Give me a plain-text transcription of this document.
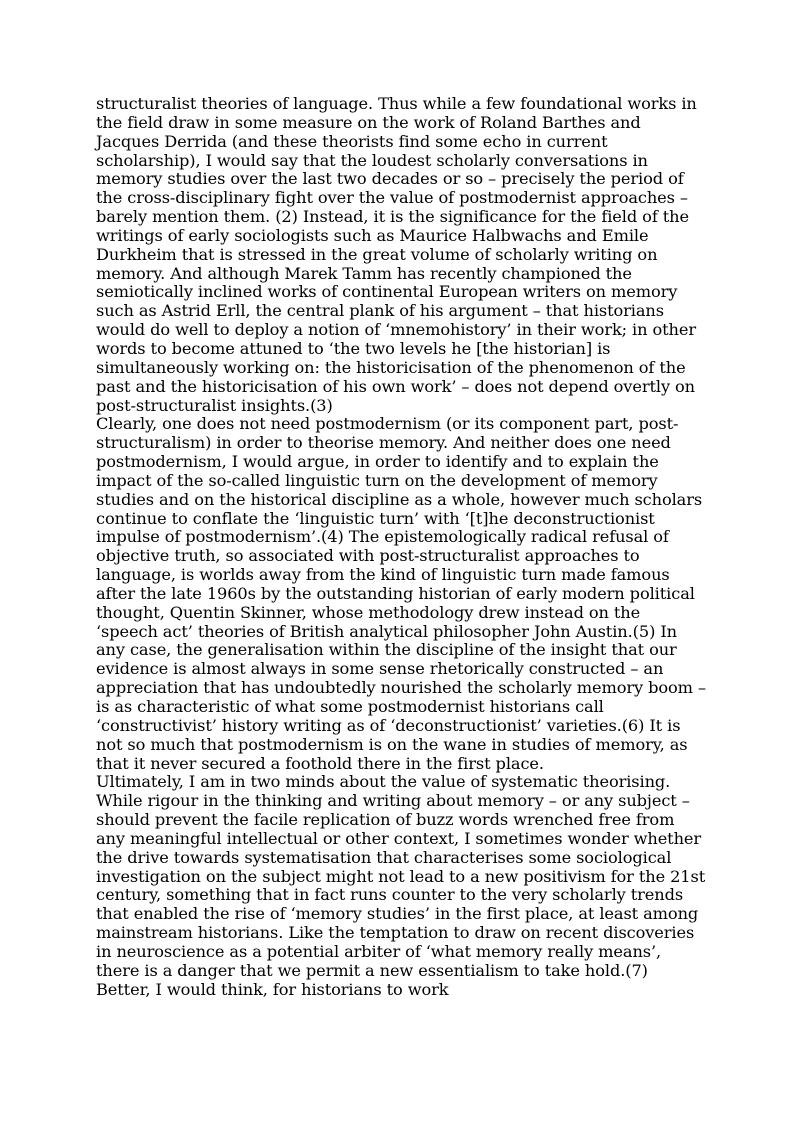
structuralist theories of language. Thus while a few foundational works in the field draw in some measure on the work of Roland Barthes and Jacques Derrida (and these theorists find some echo in current scholarship), I would say that the loudest scholarly conversations in memory studies over the last two decades or so – precisely the period of the cross-disciplinary fight over the value of postmodernist approaches – barely mention them. (2) Instead, it is the significance for the field of the writings of early sociologists such as Maurice Halbwachs and Emile Durkheim that is stressed in the great volume of scholarly writing on memory. And although Marek Tamm has recently championed the semiotically inclined works of continental European writers on memory such as Astrid Erll, the central plank of his argument – that historians would do well to deploy a notion of ‘mnemohistory’ in their work; in other words to become attuned to ‘the two levels he [the historian] is simultaneously working on: the historicisation of the phenomenon of the past and the historicisation of his own work’ – does not depend overtly on post-structuralist insights.(3)

Clearly, one does not need postmodernism (or its component part, post-structuralism) in order to theorise memory. And neither does one need postmodernism, I would argue, in order to identify and to explain the impact of the so-called linguistic turn on the development of memory studies and on the historical discipline as a whole, however much scholars continue to conflate the ‘linguistic turn’ with ‘[t]he deconstructionist impulse of postmodernism’.(4) The epistemologically radical refusal of objective truth, so associated with post-structuralist approaches to language, is worlds away from the kind of linguistic turn made famous after the late 1960s by the outstanding historian of early modern political thought, Quentin Skinner, whose methodology drew instead on the ‘speech act’ theories of British analytical philosopher John Austin.(5) In any case, the generalisation within the discipline of the insight that our evidence is almost always in some sense rhetorically constructed – an appreciation that has undoubtedly nourished the scholarly memory boom – is as characteristic of what some postmodernist historians call ‘constructivist’ history writing as of ‘deconstructionist’ varieties.(6) It is not so much that postmodernism is on the wane in studies of memory, as that it never secured a foothold there in the first place.

Ultimately, I am in two minds about the value of systematic theorising. While rigour in the thinking and writing about memory – or any subject – should prevent the facile replication of buzz words wrenched free from any meaningful intellectual or other context, I sometimes wonder whether the drive towards systematisation that characterises some sociological investigation on the subject might not lead to a new positivism for the 21st century, something that in fact runs counter to the very scholarly trends that enabled the rise of ‘memory studies’ in the first place, at least among mainstream historians. Like the temptation to draw on recent discoveries in neuroscience as a potential arbiter of ‘what memory really means’, there is a danger that we permit a new essentialism to take hold.(7) Better, I would think, for historians to work
